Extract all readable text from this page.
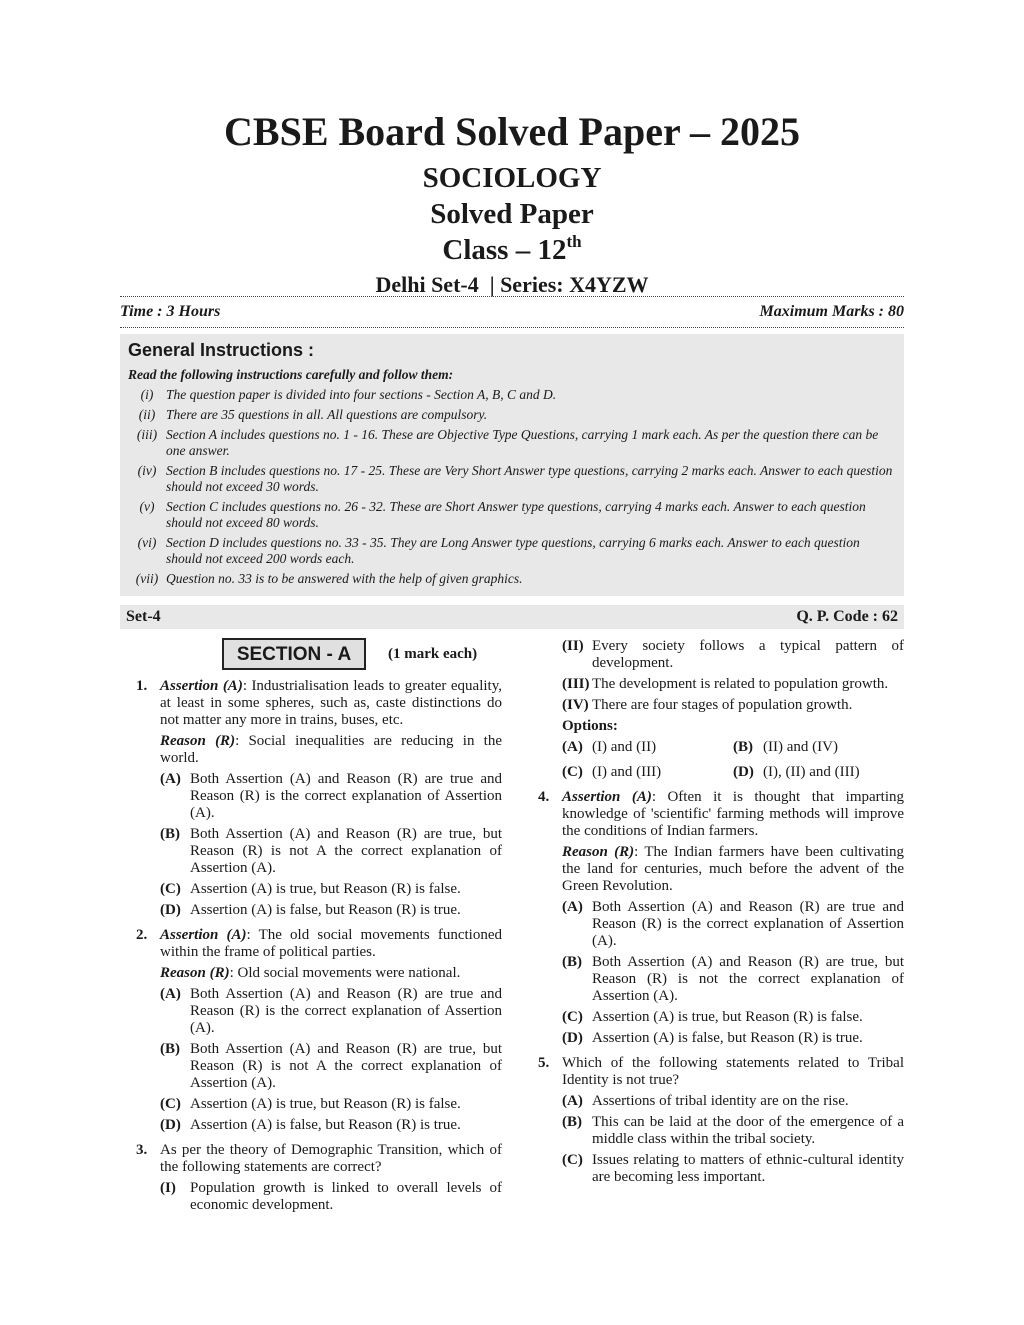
CBSE Board Solved Paper – 2025
SOCIOLOGY
Solved Paper
Class – 12th
Delhi Set-4  | Series: X4YZW
Time : 3 Hours	Maximum Marks : 80
General Instructions :
Read the following instructions carefully and follow them:
(i) The question paper is divided into four sections - Section A, B, C and D.
(ii) There are 35 questions in all. All questions are compulsory.
(iii) Section A includes questions no. 1 - 16. These are Objective Type Questions, carrying 1 mark each. As per the question there can be one answer.
(iv) Section B includes questions no. 17 - 25. These are Very Short Answer type questions, carrying 2 marks each. Answer to each question should not exceed 30 words.
(v) Section C includes questions no. 26 - 32. These are Short Answer type questions, carrying 4 marks each. Answer to each question should not exceed 80 words.
(vi) Section D includes questions no. 33 - 35. They are Long Answer type questions, carrying 6 marks each. Answer to each question should not exceed 200 words each.
(vii) Question no. 33 is to be answered with the help of given graphics.
Set-4	Q. P. Code : 62
SECTION - A	(1 mark each)
1. Assertion (A): Industrialisation leads to greater equality, at least in some spheres, such as, caste distinctions do not matter any more in trains, buses, etc.

Reason (R): Social inequalities are reducing in the world.

(A) Both Assertion (A) and Reason (R) are true and Reason (R) is the correct explanation of Assertion (A).
(B) Both Assertion (A) and Reason (R) are true, but Reason (R) is not A the correct explanation of Assertion (A).
(C) Assertion (A) is true, but Reason (R) is false.
(D) Assertion (A) is false, but Reason (R) is true.
2. Assertion (A): The old social movements functioned within the frame of political parties.

Reason (R): Old social movements were national.

(A) Both Assertion (A) and Reason (R) are true and Reason (R) is the correct explanation of Assertion (A).
(B) Both Assertion (A) and Reason (R) are true, but Reason (R) is not A the correct explanation of Assertion (A).
(C) Assertion (A) is true, but Reason (R) is false.
(D) Assertion (A) is false, but Reason (R) is true.
3. As per the theory of Demographic Transition, which of the following statements are correct?

(I) Population growth is linked to overall levels of economic development.
(II) Every society follows a typical pattern of development.
(III) The development is related to population growth.
(IV) There are four stages of population growth.
Options:
(A) (I) and (II)	(B) (II) and (IV)
(C) (I) and (III)	(D) (I), (II) and (III)
4. Assertion (A): Often it is thought that imparting knowledge of 'scientific' farming methods will improve the conditions of Indian farmers.

Reason (R): The Indian farmers have been cultivating the land for centuries, much before the advent of the Green Revolution.

(A) Both Assertion (A) and Reason (R) are true and Reason (R) is the correct explanation of Assertion (A).
(B) Both Assertion (A) and Reason (R) are true, but Reason (R) is not the correct explanation of Assertion (A).
(C) Assertion (A) is true, but Reason (R) is false.
(D) Assertion (A) is false, but Reason (R) is true.
5. Which of the following statements related to Tribal Identity is not true?

(A) Assertions of tribal identity are on the rise.
(B) This can be laid at the door of the emergence of a middle class within the tribal society.
(C) Issues relating to matters of ethnic-cultural identity are becoming less important.
